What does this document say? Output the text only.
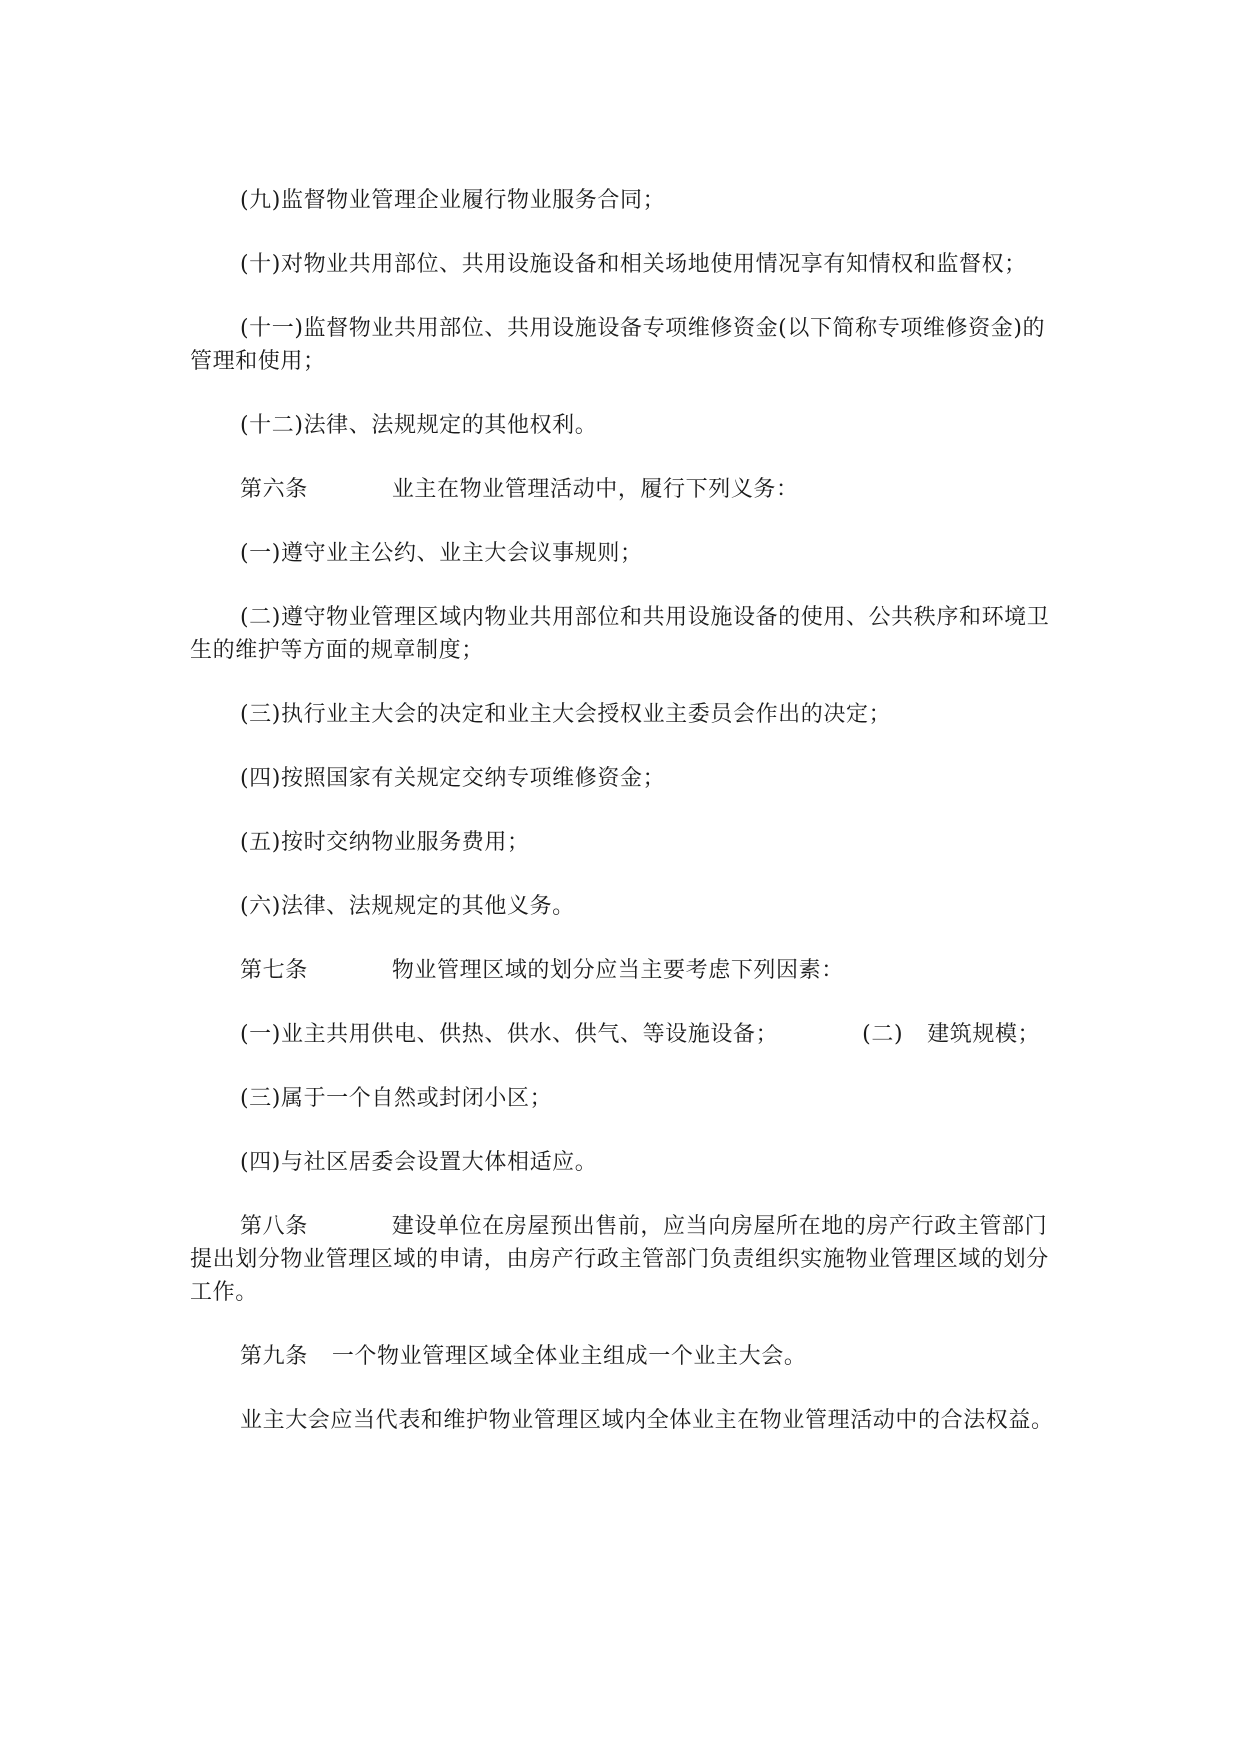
(九)监督物业管理企业履行物业服务合同；

(十)对物业共用部位、共用设施设备和相关场地使用情况享有知情权和监督权；

(十一)监督物业共用部位、共用设施设备专项维修资金(以下简称专项维修资金)的管理和使用；

(十二)法律、法规规定的其他权利。

第六条	业主在物业管理活动中，履行下列义务：

(一)遵守业主公约、业主大会议事规则；

(二)遵守物业管理区域内物业共用部位和共用设施设备的使用、公共秩序和环境卫生的维护等方面的规章制度；

(三)执行业主大会的决定和业主大会授权业主委员会作出的决定；

(四)按照国家有关规定交纳专项维修资金；

(五)按时交纳物业服务费用；

(六)法律、法规规定的其他义务。

第七条	物业管理区域的划分应当主要考虑下列因素：

(一)业主共用供电、供热、供水、供气、等设施设备；	(二) 建筑规模；

(三)属于一个自然或封闭小区；

(四)与社区居委会设置大体相适应。

第八条	建设单位在房屋预出售前，应当向房屋所在地的房产行政主管部门提出划分物业管理区域的申请，由房产行政主管部门负责组织实施物业管理区域的划分工作。

第九条 一个物业管理区域全体业主组成一个业主大会。

业主大会应当代表和维护物业管理区域内全体业主在物业管理活动中的合法权益。
